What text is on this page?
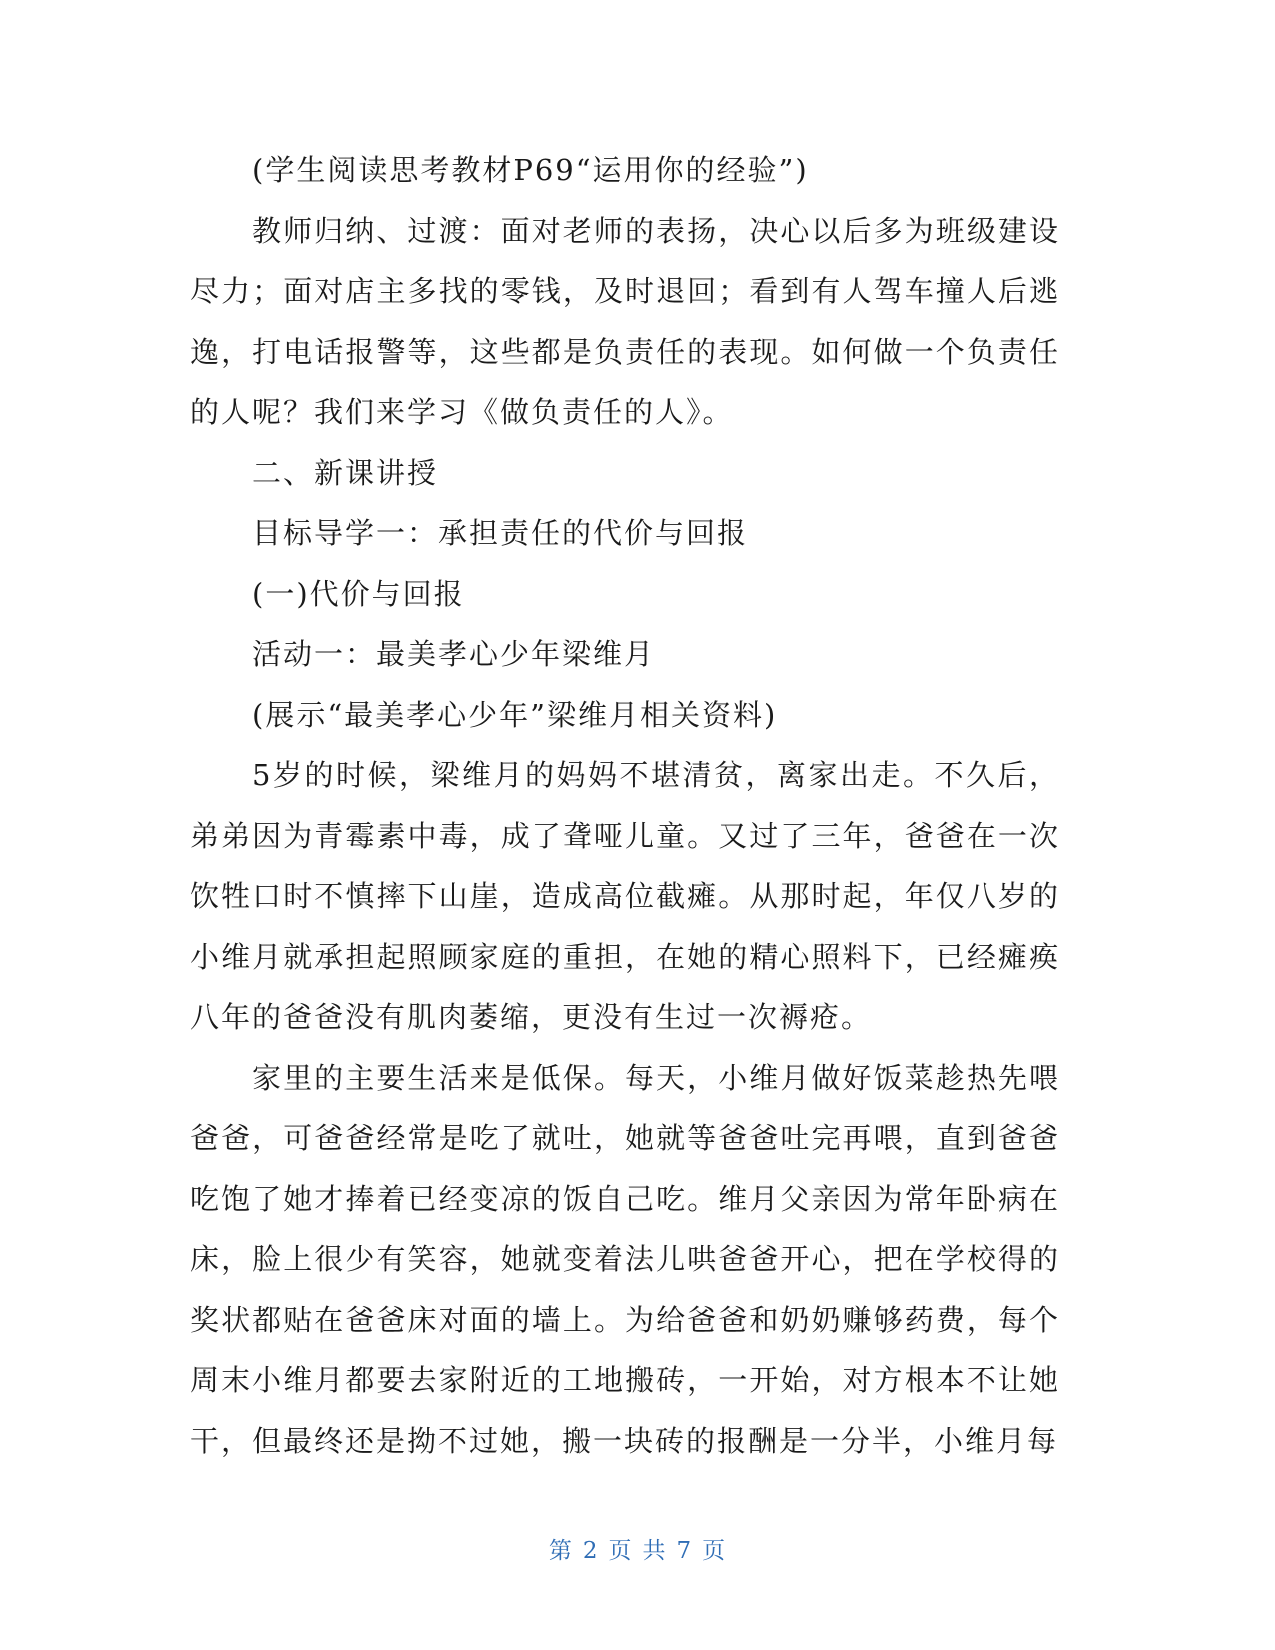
(学生阅读思考教材P69“运用你的经验”)

教师归纳、过渡：面对老师的表扬，决心以后多为班级建设尽力；面对店主多找的零钱，及时退回；看到有人驾车撞人后逃逸，打电话报警等，这些都是负责任的表现。如何做一个负责任的人呢？我们来学习《做负责任的人》。

二、新课讲授

目标导学一：承担责任的代价与回报

(一)代价与回报

活动一：最美孝心少年梁维月

(展示“最美孝心少年”梁维月相关资料)

5岁的时候，梁维月的妈妈不堪清贫，离家出走。不久后，弟弟因为青霉素中毒，成了聋哑儿童。又过了三年，爸爸在一次饮牲口时不慎摔下山崖，造成高位截瘫。从那时起，年仅八岁的小维月就承担起照顾家庭的重担，在她的精心照料下，已经瘫痪八年的爸爸没有肌肉萎缩，更没有生过一次褥疮。

家里的主要生活来是低保。每天，小维月做好饭菜趁热先喂爸爸，可爸爸经常是吃了就吐，她就等爸爸吐完再喂，直到爸爸吃饱了她才捧着已经变凉的饭自己吃。维月父亲因为常年卧病在床，脸上很少有笑容，她就变着法儿哄爸爸开心，把在学校得的奖状都贴在爸爸床对面的墙上。为给爸爸和奶奶赚够药费，每个周末小维月都要去家附近的工地搬砖，一开始，对方根本不让她干，但最终还是拗不过她，搬一块砖的报酬是一分半，小维月每

第 2 页 共 7 页
